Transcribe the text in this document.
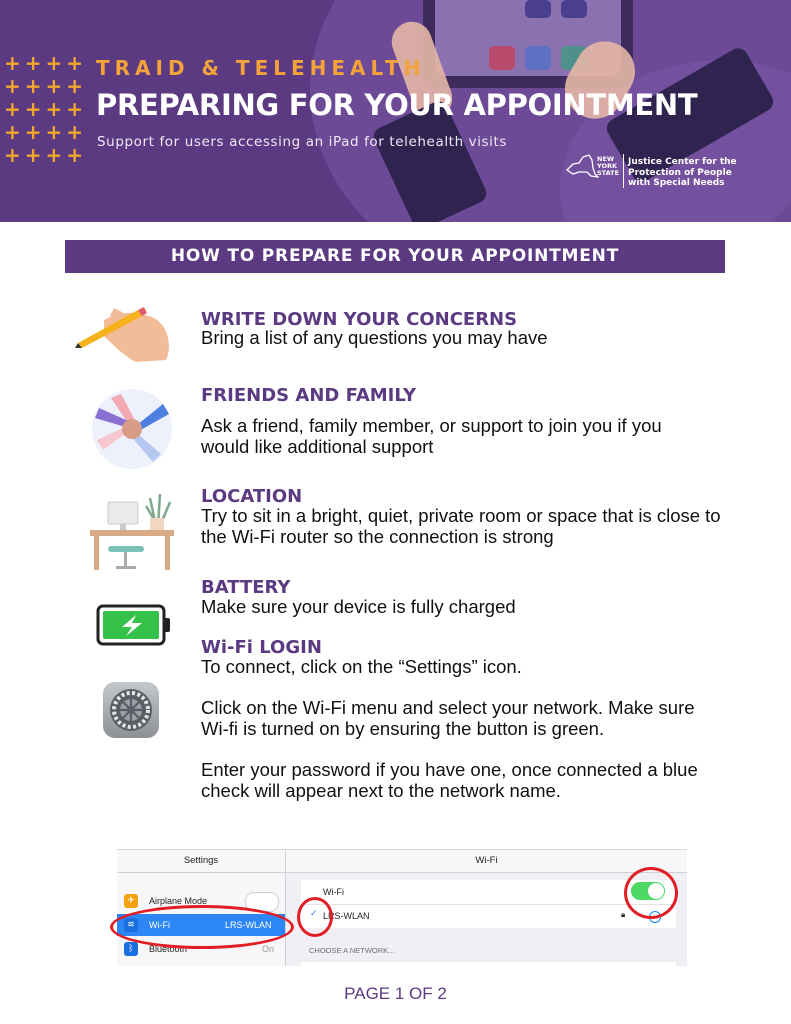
++++
++++
++++
++++
++++
TRAID & TELEHEALTH
PREPARING FOR YOUR APPOINTMENT
Support for users accessing an iPad for telehealth visits
NEW
YORK
STATE
Justice Center for the
Protection of People
with Special Needs
HOW TO PREPARE FOR YOUR APPOINTMENT
WRITE DOWN YOUR CONCERNS
Bring a list of any questions you may have
FRIENDS AND FAMILY
Ask a friend, family member, or support to join you if you would like additional support
LOCATION
Try to sit in a bright, quiet, private room or space that is close to the Wi-Fi router so the connection is strong
BATTERY
Make sure your device is fully charged
Wi-Fi LOGIN
To connect, click on the “Settings” icon.
Click on the Wi-Fi menu and select your network. Make sure Wi-fi is turned on by ensuring the button is green.
Enter your password if you have one, once connected a blue check will appear next to the network name.
Settings
✈	Airplane Mode
≋	Wi-Fi	LRS-WLAN
ᛒ	Bluetooth	On
Wi-Fi
Wi-Fi
✓ LRS-WLAN	🔒︎
CHOOSE A NETWORK...
PAGE 1 OF 2
